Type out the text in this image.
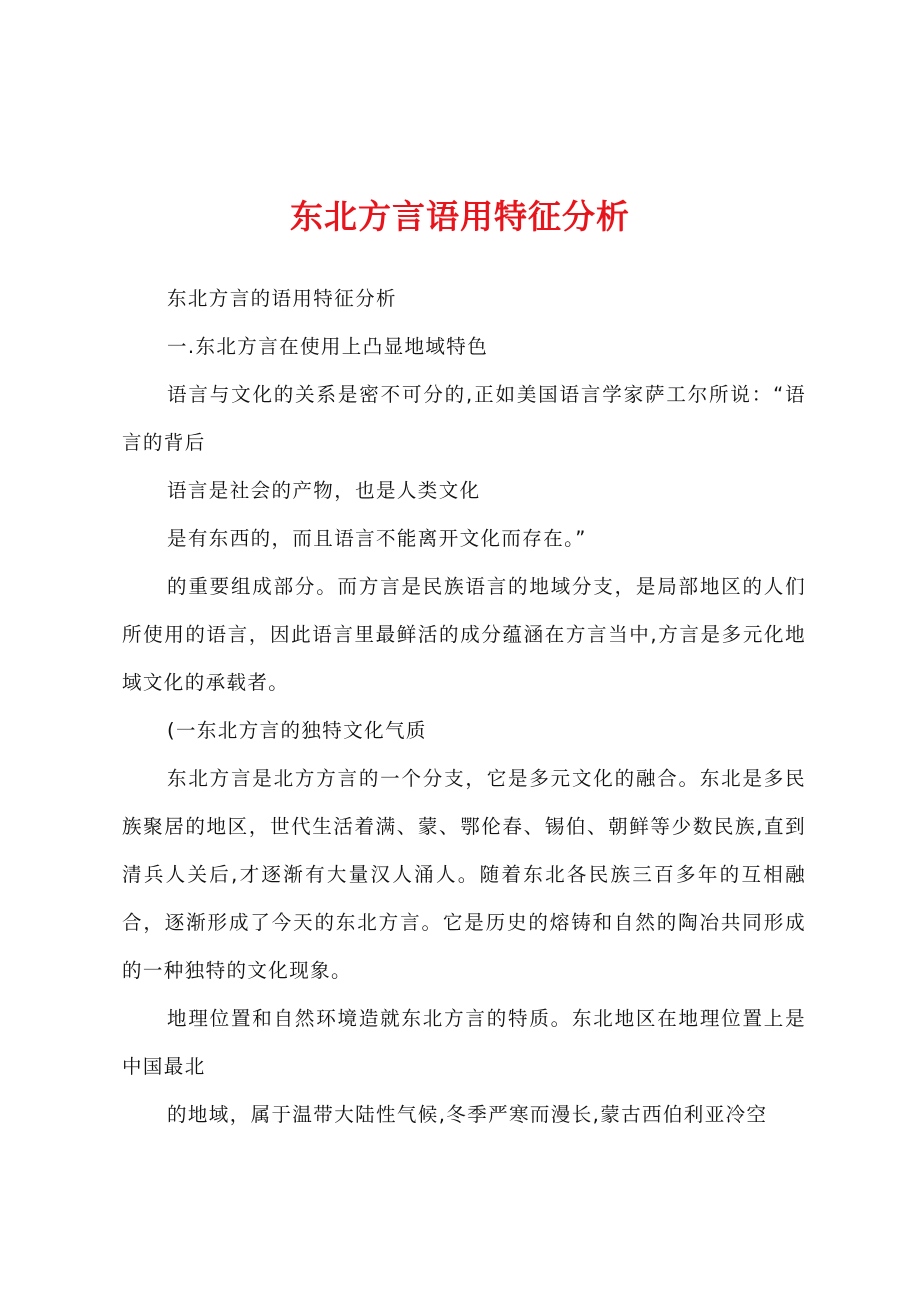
东北方言语用特征分析

东北方言的语用特征分析

一.东北方言在使用上凸显地域特色

语言与文化的关系是密不可分的,正如美国语言学家萨工尔所说：“语言的背后

语言是社会的产物，也是人类文化

是有东西的，而且语言不能离开文化而存在。”

的重要组成部分。而方言是民族语言的地域分支，是局部地区的人们所使用的语言，因此语言里最鲜活的成分蕴涵在方言当中,方言是多元化地域文化的承载者。

(一东北方言的独特文化气质

东北方言是北方方言的一个分支，它是多元文化的融合。东北是多民族聚居的地区，世代生活着满、蒙、鄂伦春、锡伯、朝鲜等少数民族,直到清兵人关后,才逐渐有大量汉人涌人。随着东北各民族三百多年的互相融合，逐渐形成了今天的东北方言。它是历史的熔铸和自然的陶冶共同形成的一种独特的文化现象。

地理位置和自然环境造就东北方言的特质。东北地区在地理位置上是中国最北

的地域，属于温带大陆性气候,冬季严寒而漫长,蒙古西伯利亚冷空
